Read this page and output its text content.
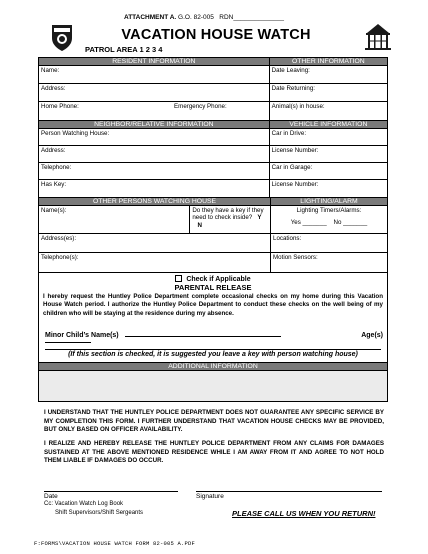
ATTACHMENT A. G.O. 82-005 RDN______________
VACATION HOUSE WATCH
PATROL AREA 1 2 3 4
RESIDENT INFORMATION
Name:
Address:
Home Phone:	Emergency Phone:
OTHER INFORMATION
Date Leaving:
Date Returning:
Animal(s) in house:
NEIGHBOR/RELATIVE INFORMATION
Person Watching House:
Address:
Telephone:
Has Key:
VEHICLE INFORMATION
Car in Drive:
License Number:
Car in Garage:
License Number:
OTHER PERSONS WATCHING HOUSE
Name(s):	Do they have a key if they need to check inside? Y    N
Address(es):
Telephone(s):
LIGHTING/ALARM
Lighting Timers/Alarms:
Yes _______ No _______
Locations:
Motion Sensors:
Check if Applicable
PARENTAL RELEASE
I hereby request the Huntley Police Department complete occasional checks on my home during this Vacation House Watch period. I authorize the Huntley Police Department to conduct these checks on the well being of my children who will be staying at the residence during my absence.
Minor Child’s Name(s)	Age(s)
(If this section is checked, it is suggested you leave a key with person watching house)
ADDITIONAL INFORMATION
I UNDERSTAND THAT THE HUNTLEY POLICE DEPARTMENT DOES NOT GUARANTEE ANY SPECIFIC SERVICE BY MY COMPLETION THIS FORM. I FURTHER UNDERSTAND THAT VACATION HOUSE CHECKS MAY BE PROVIDED, BUT ONLY BASED ON OFFICER AVAILABILITY.
I REALIZE AND HEREBY RELEASE THE HUNTLEY POLICE DEPARTMENT FROM ANY CLAIMS FOR DAMAGES SUSTAINED AT THE ABOVE MENTIONED RESIDENCE WHILE I AM AWAY FROM IT AND AGREE TO NOT HOLD THEM LIABLE IF DAMAGES DO OCCUR.
Date	Signature
Cc: Vacation Watch Log Book
Shift Supervisors/Shift Sergeants	PLEASE CALL US WHEN YOU RETURN!
F:FORMS\VACATION HOUSE WATCH FORM 82-005 A.PDF
